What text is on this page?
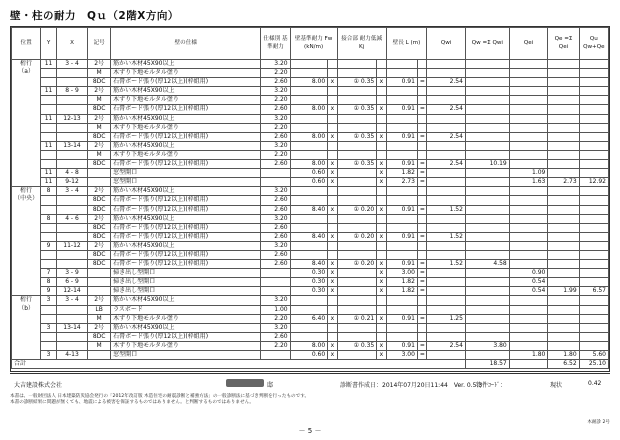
壁・柱の耐力　Qｕ（2階X方向）
位置	Y	X	記号	壁の仕様	仕様別 基準耐力	壁基準耐力 Fw (kN/m)		接合部 耐力低減 Kj		壁長 L (m)		Qwi	Qw =Σ Qwi	Qei	Qe =Σ Qei	Qu Qw+Qe
桁行
（a）	11	3 - 4	2号	筋かい木材45X90以上	3.20											
			M	木ずり下地モルタル塗り	2.20											
			8DC	石膏ボード張り(厚12以上)(枠組用)	2.60	8.00	x	① 0.35	x	0.91	=	2.54				
	11	8 - 9	2号	筋かい木材45X90以上	3.20											
			M	木ずり下地モルタル塗り	2.20											
			8DC	石膏ボード張り(厚12以上)(枠組用)	2.60	8.00	x	① 0.35	x	0.91	=	2.54				
	11	12-13	2号	筋かい木材45X90以上	3.20											
			M	木ずり下地モルタル塗り	2.20											
			8DC	石膏ボード張り(厚12以上)(枠組用)	2.60	8.00	x	① 0.35	x	0.91	=	2.54				
	11	13-14	2号	筋かい木材45X90以上	3.20											
			M	木ずり下地モルタル塗り	2.20											
			8DC	石膏ボード張り(厚12以上)(枠組用)	2.60	8.00	x	① 0.35	x	0.91	=	2.54	10.19			
	11	4 - 8		窓型開口		0.60	x		x	1.82	=			1.09		
	11	9-12		窓型開口		0.60	x		x	2.73	=			1.63	2.73	12.92
桁行
（中央）	8	3 - 4	2号	筋かい木材45X90以上	3.20											
			8DC	石膏ボード張り(厚12以上)(枠組用)	2.60											
			8DC	石膏ボード張り(厚12以上)(枠組用)	2.60	8.40	x	① 0.20	x	0.91	=	1.52				
	8	4 - 6	2号	筋かい木材45X90以上	3.20											
			8DC	石膏ボード張り(厚12以上)(枠組用)	2.60											
			8DC	石膏ボード張り(厚12以上)(枠組用)	2.60	8.40	x	① 0.20	x	0.91	=	1.52				
	9	11-12	2号	筋かい木材45X90以上	3.20											
			8DC	石膏ボード張り(厚12以上)(枠組用)	2.60											
			8DC	石膏ボード張り(厚12以上)(枠組用)	2.60	8.40	x	① 0.20	x	0.91	=	1.52	4.58			
	7	3 - 9		掃き出し型開口		0.30	x		x	3.00	=			0.90		
	8	6 - 9		掃き出し型開口		0.30	x		x	1.82	=			0.54		
	9	12-14		掃き出し型開口		0.30	x		x	1.82	=			0.54	1.99	6.57
桁行
（b）	3	3 - 4	2号	筋かい木材45X90以上	3.20											
			LB	ラスボード	1.00											
			M	木ずり下地モルタル塗り	2.20	6.40	x	① 0.21	x	0.91	=	1.25				
	3	13-14	2号	筋かい木材45X90以上	3.20											
			8DC	石膏ボード張り(厚12以上)(枠組用)	2.60											
			M	木ずり下地モルタル塗り	2.20	8.00	x	① 0.35	x	0.91	=	2.54	3.80			
	3	4-13		窓型開口		0.60	x		x	3.00	=			1.80	1.80	5.60
合計													18.57		6.52	25.10
大吉建設株式会社	邸	診断書作成日：2014年07月20日11:44　Ver. 0.5.3
物件ｺｰﾄﾞ：	現状	0.42
本書は、一般財団法人 日本建築防災協会発行の「2012年改訂版 木造住宅の耐震診断と補強方法」の一般診断法に基づき判断を行ったものです。
本書の診断結果に問題が無くても、地震による被害を保証するものではありません。と判断するものではありません。
木耐診 2号
－ 5 －
